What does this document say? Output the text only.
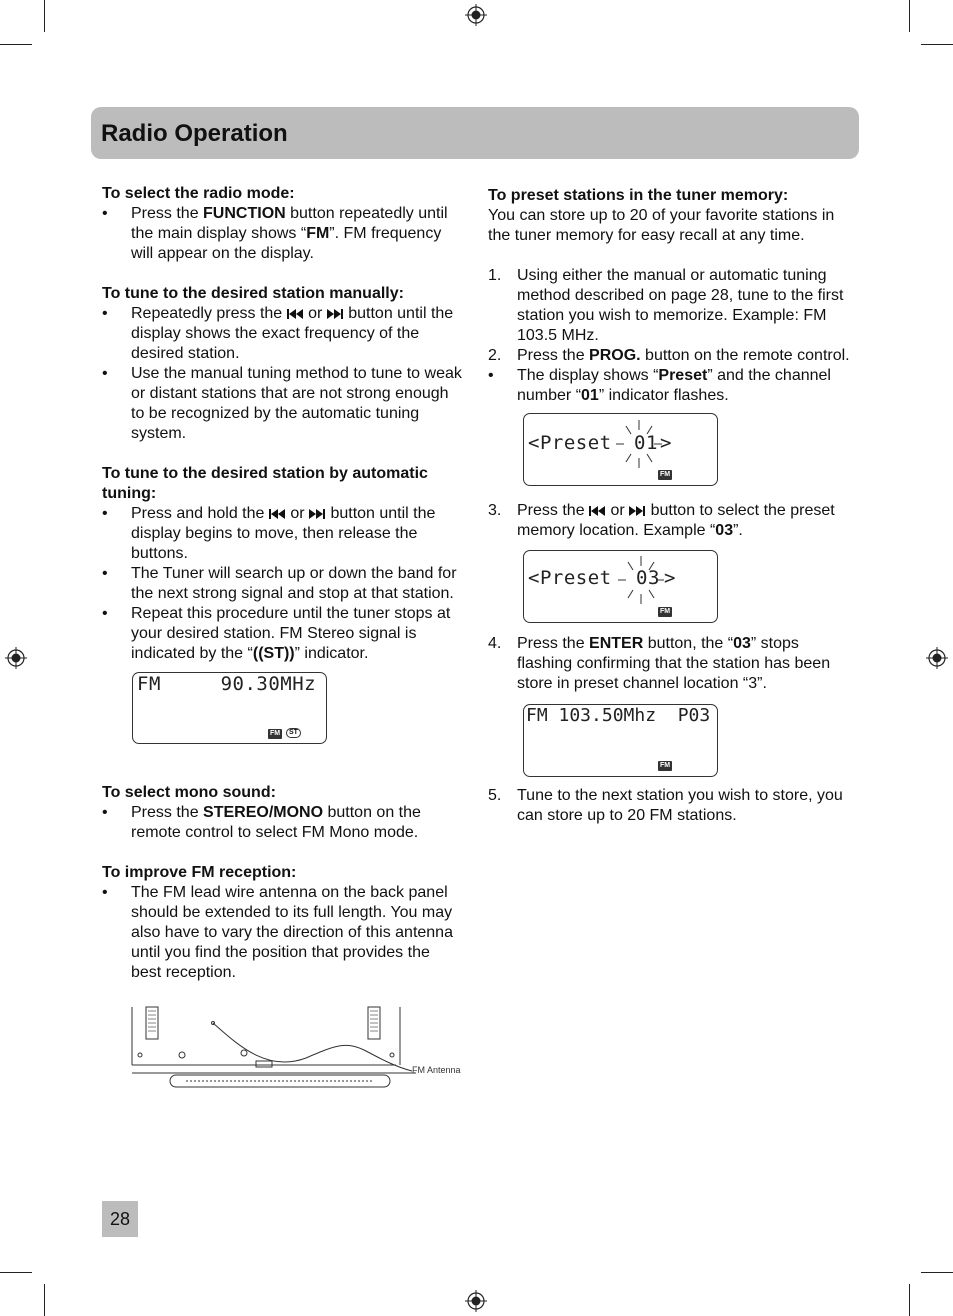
Radio Operation

To select the radio mode:

• Press the FUNCTION button repeatedly until the main display shows “FM”. FM frequency will appear on the display.

To tune to the desired station manually:

• Repeatedly press the  or  button until the display shows the exact frequency of the desired station.

• Use the manual tuning method to tune to weak or distant stations that are not strong enough to be recognized by the automatic tuning system.

To tune to the desired station by automatic tuning:

• Press and hold the  or  button until the display begins to move, then release the buttons.

• The Tuner will search up or down the band for the next strong signal and stop at that station.

• Repeat this procedure until the tuner stops at your desired station. FM Stereo signal is indicated by the “((ST))” indicator.

FM     90.30MHz
FM	ST

To select mono sound:

• Press the STEREO/MONO button on the remote control to select FM Mono mode.

To improve FM reception:

• The FM lead wire antenna on the back panel should be extended to its full length. You may also have to vary the direction of this antenna until you find the position that provides the best reception.

FM Antenna

To preset stations in the tuner memory:

You can store up to 20 of your favorite stations in the tuner memory for easy recall at any time.

1. Using either the manual or automatic tuning method described on page 28, tune to the first station you wish to memorize. Example: FM 103.5 MHz.

2. Press the PROG. button on the remote control.

• The display shows “Preset” and the channel number “01” indicator flashes.

<Preset 01 >
FM

3. Press the  or  button to select the preset memory location. Example “03”.

<Preset 03 >
FM

4. Press the ENTER button, the “03” stops flashing confirming that the station has been store in preset channel location “3”.

FM 103.50Mhz  P03
FM

5. Tune to the next station you wish to store, you can store up to 20 FM stations.

28
